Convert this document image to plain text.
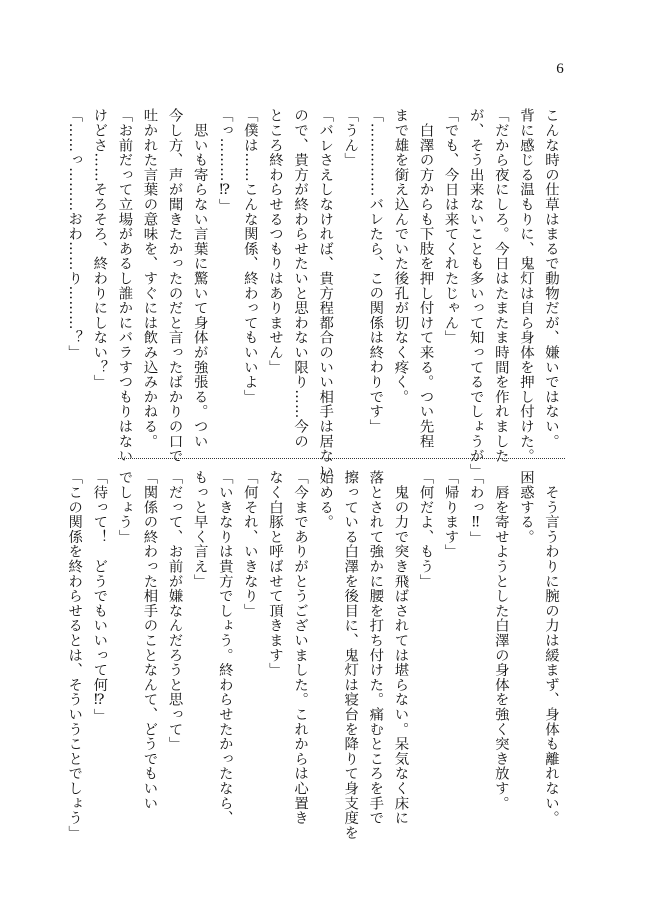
6
こんな時の仕草はまるで動物だが、嫌いではない。
背に感じる温もりに、鬼灯は自ら身体を押し付けた。
「だから夜にしろ。今日はたまたま時間を作れました
が、そう出来ないことも多いって知ってるでしょうが」
「でも、今日は来てくれたじゃん」
　白澤の方からも下肢を押し付けて来る。つい先程
まで雄を銜え込んでいた後孔が切なく疼く。
「……………バレたら、この関係は終わりです」
「うん」
「バレさえしなければ、貴方程都合のいい相手は居ない
ので、貴方が終わらせたいと思わない限り……今の
ところ終わらせるつもりはありません」
「僕は……こんな関係、終わってもいいよ」
「っ………⁉」
　思いも寄らない言葉に驚いて身体が強張る。つい
今し方、声が聞きたかったのだと言ったばかりの口で
吐かれた言葉の意味を、すぐには飲み込みかねる。
「お前だって立場があるし誰かにバラすつもりはない
けどさ……そろそろ、終わりにしない？」
「……っ………おわ……り………？」
　そう言うわりに腕の力は緩まず、身体も離れない。
困惑する。
　唇を寄せようとした白澤の身体を強く突き放す。
「わっ‼」
「帰ります」
「何だよ、もう」
　鬼の力で突き飛ばされては堪らない。呆気なく床に
落とされて強かに腰を打ち付けた。痛むところを手で
擦っている白澤を後目に、鬼灯は寝台を降りて身支度を
始める。
「今までありがとうございました。これからは心置き
なく白豚と呼ばせて頂きます」
「何それ、いきなり」
「いきなりは貴方でしょう。終わらせたかったなら、
もっと早く言え」
「だって、お前が嫌なんだろうと思って」
「関係の終わった相手のことなんて、どうでもいい
でしょう」
「待って！　どうでもいいって何⁉」
「この関係を終わらせるとは、そういうことでしょう」
